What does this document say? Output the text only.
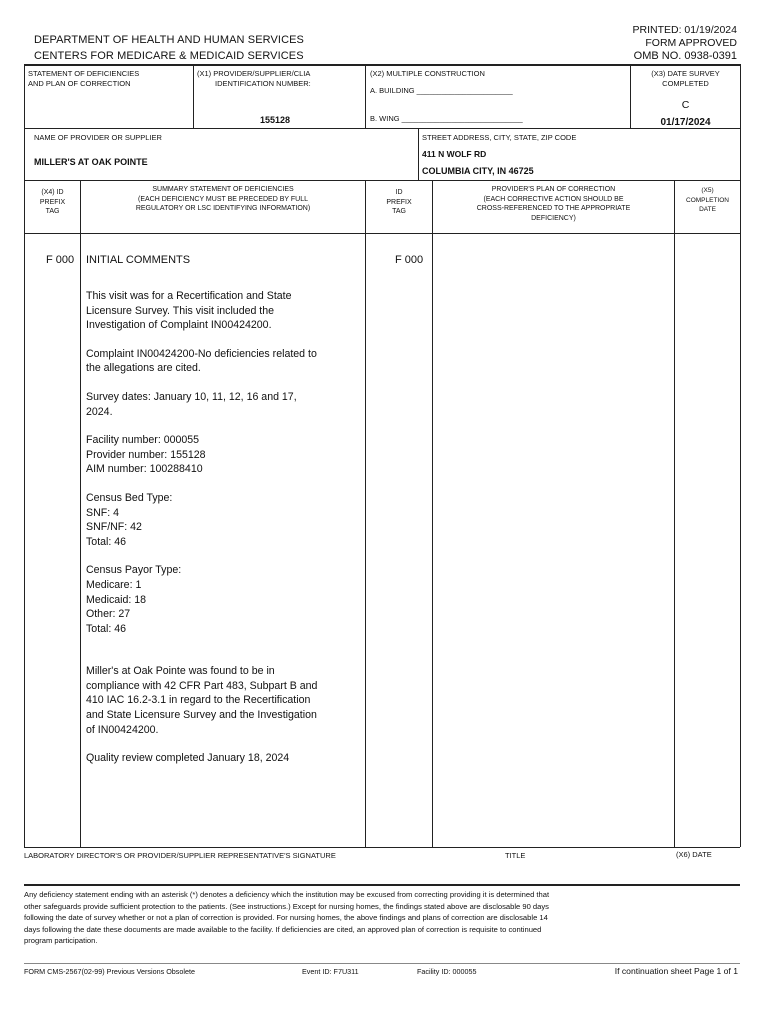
DEPARTMENT OF HEALTH AND HUMAN SERVICES
CENTERS FOR MEDICARE & MEDICAID SERVICES
PRINTED: 01/19/2024
FORM APPROVED
OMB NO. 0938-0391
STATEMENT OF DEFICIENCIES
AND PLAN OF CORRECTION
(X1) PROVIDER/SUPPLIER/CLIA
IDENTIFICATION NUMBER:
155128
(X2) MULTIPLE CONSTRUCTION
A. BUILDING _______________________
B. WING _____________________________
(X3) DATE SURVEY
COMPLETED
C
01/17/2024
NAME OF PROVIDER OR SUPPLIER
MILLER'S AT OAK POINTE
STREET ADDRESS, CITY, STATE, ZIP CODE
411 N WOLF RD
COLUMBIA CITY, IN 46725
(X4) ID
PREFIX
TAG
SUMMARY STATEMENT OF DEFICIENCIES
(EACH DEFICIENCY MUST BE PRECEDED BY FULL
REGULATORY OR LSC IDENTIFYING INFORMATION)
ID
PREFIX
TAG
PROVIDER'S PLAN OF CORRECTION
(EACH CORRECTIVE ACTION SHOULD BE
CROSS-REFERENCED TO THE APPROPRIATE
DEFICIENCY)
(X5)
COMPLETION
DATE
F 000 INITIAL COMMENTS	F 000
This visit was for a Recertification and State
Licensure Survey. This visit included the
Investigation of Complaint IN00424200.
Complaint IN00424200-No deficiencies related to
the allegations are cited.
Survey dates: January 10, 11, 12, 16 and 17,
2024.
Facility number: 000055
Provider number: 155128
AIM number: 100288410
Census Bed Type:
SNF: 4
SNF/NF: 42
Total: 46
Census Payor Type:
Medicare: 1
Medicaid: 18
Other: 27
Total: 46
Miller's at Oak Pointe was found to be in
compliance with 42 CFR Part 483, Subpart B and
410 IAC 16.2-3.1 in regard to the Recertification
and State Licensure Survey and the Investigation
of IN00424200.
Quality review completed January 18, 2024
LABORATORY DIRECTOR'S OR PROVIDER/SUPPLIER REPRESENTATIVE'S SIGNATURE	TITLE	(X6) DATE
Any deficiency statement ending with an asterisk (*) denotes a deficiency which the institution may be excused from correcting providing it is determined that
other safeguards provide sufficient protection to the patients. (See instructions.) Except for nursing homes, the findings stated above are disclosable 90 days
following the date of survey whether or not a plan of correction is provided. For nursing homes, the above findings and plans of correction are disclosable 14
days following the date these documents are made available to the facility. If deficiencies are cited, an approved plan of correction is requisite to continued
program participation.
FORM CMS-2567(02-99) Previous Versions Obsolete	Event ID: F7U311	Facility ID: 000055	If continuation sheet Page 1 of 1
